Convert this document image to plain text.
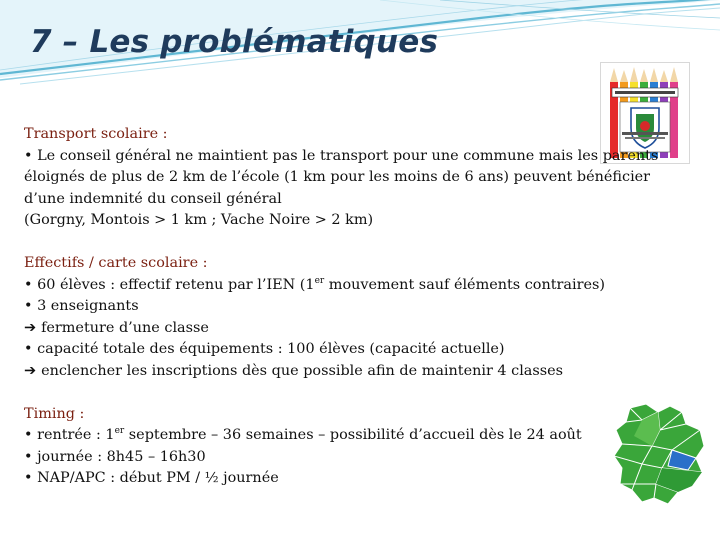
7 – Les problématiques
Transport scolaire :
• Le conseil général ne maintient pas le transport pour une commune mais les parents éloignés de plus de 2 km de l’école (1 km pour les moins de 6 ans) peuvent bénéficier d’une indemnité du conseil général
(Gorgny, Montois > 1 km ; Vache Noire > 2 km)
Effectifs / carte scolaire :
• 60 élèves : effectif retenu par l’IEN (1er mouvement sauf éléments contraires)
• 3 enseignants
➔ fermeture d’une classe
• capacité totale des équipements : 100 élèves (capacité actuelle)
➔ enclencher les inscriptions dès que possible afin de maintenir 4 classes
Timing :
• rentrée : 1er septembre – 36 semaines – possibilité d’accueil dès le 24 août
• journée : 8h45 – 16h30
• NAP/APC : début PM / ½ journée
